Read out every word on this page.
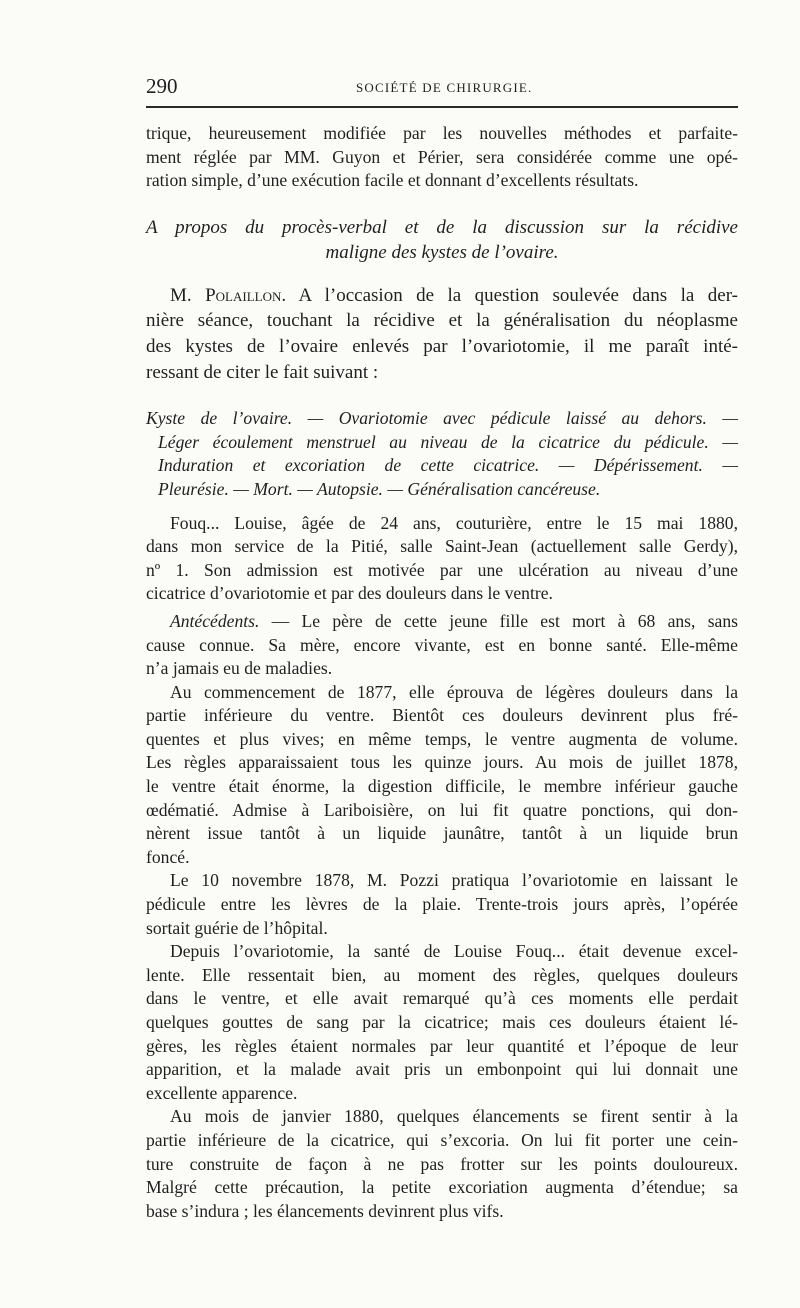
290	SOCIÉTÉ DE CHIRURGIE.
trique, heureusement modifiée par les nouvelles méthodes et parfaite-
ment réglée par MM. Guyon et Périer, sera considérée comme une opé-
ration simple, d’une exécution facile et donnant d’excellents résultats.
A propos du procès-verbal et de la discussion sur la récidive
maligne des kystes de l’ovaire.
M. Polaillon. A l’occasion de la question soulevée dans la der-
nière séance, touchant la récidive et la généralisation du néoplasme
des kystes de l’ovaire enlevés par l’ovariotomie, il me paraît inté-
ressant de citer le fait suivant :
Kyste de l’ovaire. — Ovariotomie avec pédicule laissé au dehors. —
Léger écoulement menstruel au niveau de la cicatrice du pédicule. —
Induration et excoriation de cette cicatrice. — Dépérissement. —
Pleurésie. — Mort. — Autopsie. — Généralisation cancéreuse.
Fouq... Louise, âgée de 24 ans, couturière, entre le 15 mai 1880,
dans mon service de la Pitié, salle Saint-Jean (actuellement salle Gerdy),
nº 1. Son admission est motivée par une ulcération au niveau d’une
cicatrice d’ovariotomie et par des douleurs dans le ventre.
Antécédents. — Le père de cette jeune fille est mort à 68 ans, sans
cause connue. Sa mère, encore vivante, est en bonne santé. Elle-même
n’a jamais eu de maladies.
Au commencement de 1877, elle éprouva de légères douleurs dans la
partie inférieure du ventre. Bientôt ces douleurs devinrent plus fré-
quentes et plus vives; en même temps, le ventre augmenta de volume.
Les règles apparaissaient tous les quinze jours. Au mois de juillet 1878,
le ventre était énorme, la digestion difficile, le membre inférieur gauche
œdématié. Admise à Lariboisière, on lui fit quatre ponctions, qui don-
nèrent issue tantôt à un liquide jaunâtre, tantôt à un liquide brun
foncé.
Le 10 novembre 1878, M. Pozzi pratiqua l’ovariotomie en laissant le
pédicule entre les lèvres de la plaie. Trente-trois jours après, l’opérée
sortait guérie de l’hôpital.
Depuis l’ovariotomie, la santé de Louise Fouq... était devenue excel-
lente. Elle ressentait bien, au moment des règles, quelques douleurs
dans le ventre, et elle avait remarqué qu’à ces moments elle perdait
quelques gouttes de sang par la cicatrice; mais ces douleurs étaient lé-
gères, les règles étaient normales par leur quantité et l’époque de leur
apparition, et la malade avait pris un embonpoint qui lui donnait une
excellente apparence.
Au mois de janvier 1880, quelques élancements se firent sentir à la
partie inférieure de la cicatrice, qui s’excoria. On lui fit porter une cein-
ture construite de façon à ne pas frotter sur les points douloureux.
Malgré cette précaution, la petite excoriation augmenta d’étendue; sa
base s’indura ; les élancements devinrent plus vifs.
